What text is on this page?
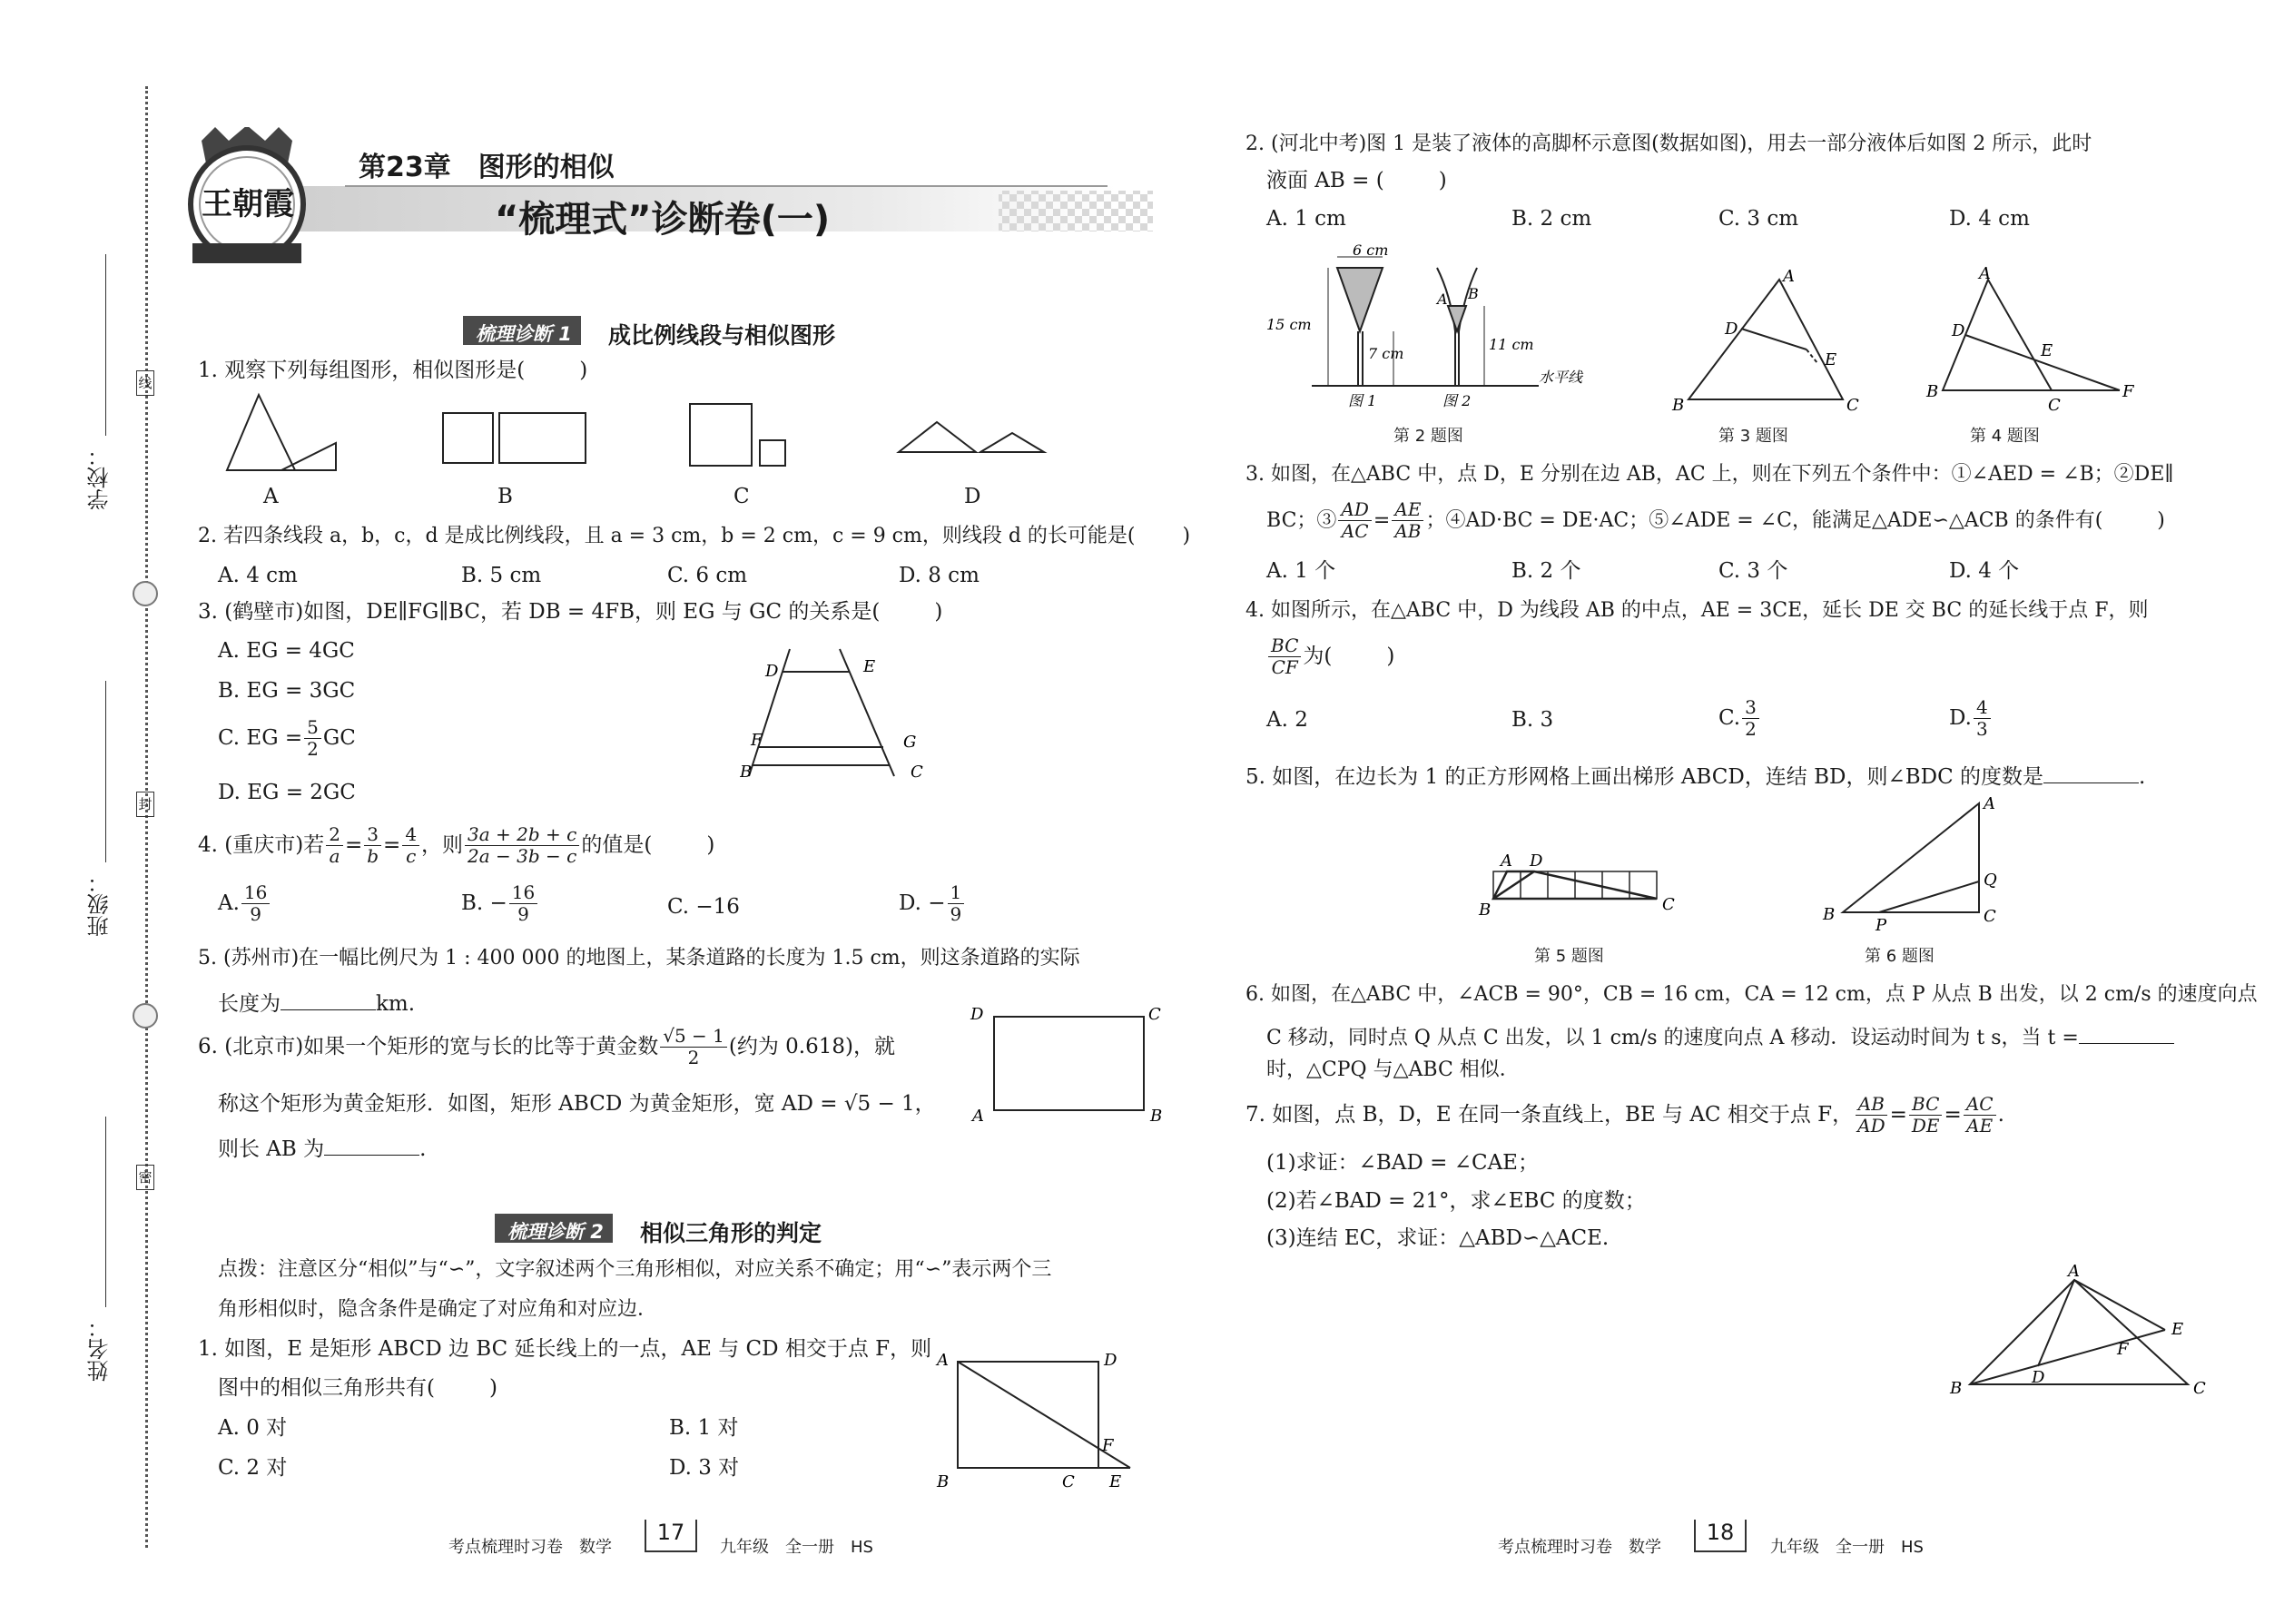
学校：
班级：
姓名：
线
封
密
王朝霞
第23章　图形的相似
“梳理式”诊断卷(一)
梳理诊断 1	成比例线段与相似图形
1. 观察下列每组图形，相似图形是(	)
A	B	C	D
2. 若四条线段 a，b，c，d 是成比例线段，且 a = 3 cm，b = 2 cm，c = 9 cm，则线段 d 的长可能是( )
A. 4 cm	B. 5 cm	C. 6 cm	D. 8 cm
3. (鹤壁市)如图，DE∥FG∥BC，若 DB = 4FB，则 EG 与 GC 的关系是(	)
A. EG = 4GC
B. EG = 3GC
C. EG = $\frac{5}{2}$ GC
D. EG = 2GC
D	E
F	G
B	C
4. (重庆市)若 $\frac{2}{a} = \frac{3}{b} = \frac{4}{c}$ ，则 $\frac{3a + 2b + c}{2a - 3b - c}$ 的值是(	)
A. $\frac{16}{9}$	B. − $\frac{16}{9}$	C. −16	D. − $\frac{1}{9}$
5. (苏州市)在一幅比例尺为 1 : 400 000 的地图上，某条道路的长度为 1.5 cm，则这条道路的实际
长度为	km.
6. (北京市)如果一个矩形的宽与长的比等于黄金数 $\frac{√5 - 1}{2}$ (约为 0.618)，就
称这个矩形为黄金矩形．如图，矩形 ABCD 为黄金矩形，宽 AD = √5 − 1，
则长 AB 为	.
D	C
A	B
梳理诊断 2	相似三角形的判定
点拨：注意区分“相似”与“∽”，文字叙述两个三角形相似，对应关系不确定；用“∽”表示两个三
角形相似时，隐含条件是确定了对应角和对应边．
1. 如图，E 是矩形 ABCD 边 BC 延长线上的一点，AE 与 CD 相交于点 F，则
图中的相似三角形共有(	)
A. 0 对	B. 1 对
C. 2 对	D. 3 对
A	D
B	C
F
E
考点梳理时习卷　数学
17
九年级　全一册　HS
2. (河北中考)图 1 是装了液体的高脚杯示意图(数据如图)，用去一部分液体后如图 2 所示，此时
液面 AB = (	)
A. 1 cm	B. 2 cm	C. 3 cm	D. 4 cm
6 cm
15 cm
7 cm
11 cm
A B
图 1	图 2
水平线
第 2 题图
A
D
E
B	C
第 3 题图
A
D
E
B
C
F
第 4 题图
3. 如图，在△ABC 中，点 D，E 分别在边 AB，AC 上，则在下列五个条件中：①∠AED = ∠B；②DE∥
BC；③ $\frac{AD}{AC} = \frac{AE}{AB}$ ；④AD·BC = DE·AC；⑤∠ADE = ∠C，能满足△ADE∽△ACB 的条件有(	)
A. 1 个	B. 2 个	C. 3 个	D. 4 个
4. 如图所示，在△ABC 中，D 为线段 AB 的中点，AE = 3CE，延长 DE 交 BC 的延长线于点 F，则
$\frac{BC}{CF}$ 为(	)
A. 2	B. 3	C. $\frac{3}{2}$	D. $\frac{4}{3}$
5. 如图，在边长为 1 的正方形网格上画出梯形 ABCD，连结 BD，则∠BDC 的度数是	.
A D
B	C
第 5 题图
A
Q
B
P	C
第 6 题图
6. 如图，在△ABC 中，∠ACB = 90°，CB = 16 cm，CA = 12 cm，点 P 从点 B 出发，以 2 cm/s 的速度向点
C 移动，同时点 Q 从点 C 出发，以 1 cm/s 的速度向点 A 移动．设运动时间为 t s，当 t =
时，△CPQ 与△ABC 相似．
7. 如图，点 B，D，E 在同一条直线上，BE 与 AC 相交于点 F， $\frac{AB}{AD} = \frac{BC}{DE} = \frac{AC}{AE}$ .
(1)求证：∠BAD = ∠CAE；
(2)若∠BAD = 21°，求∠EBC 的度数；
(3)连结 EC，求证：△ABD∽△ACE.
A
E
F
D
B	C
考点梳理时习卷　数学
18
九年级　全一册　HS
